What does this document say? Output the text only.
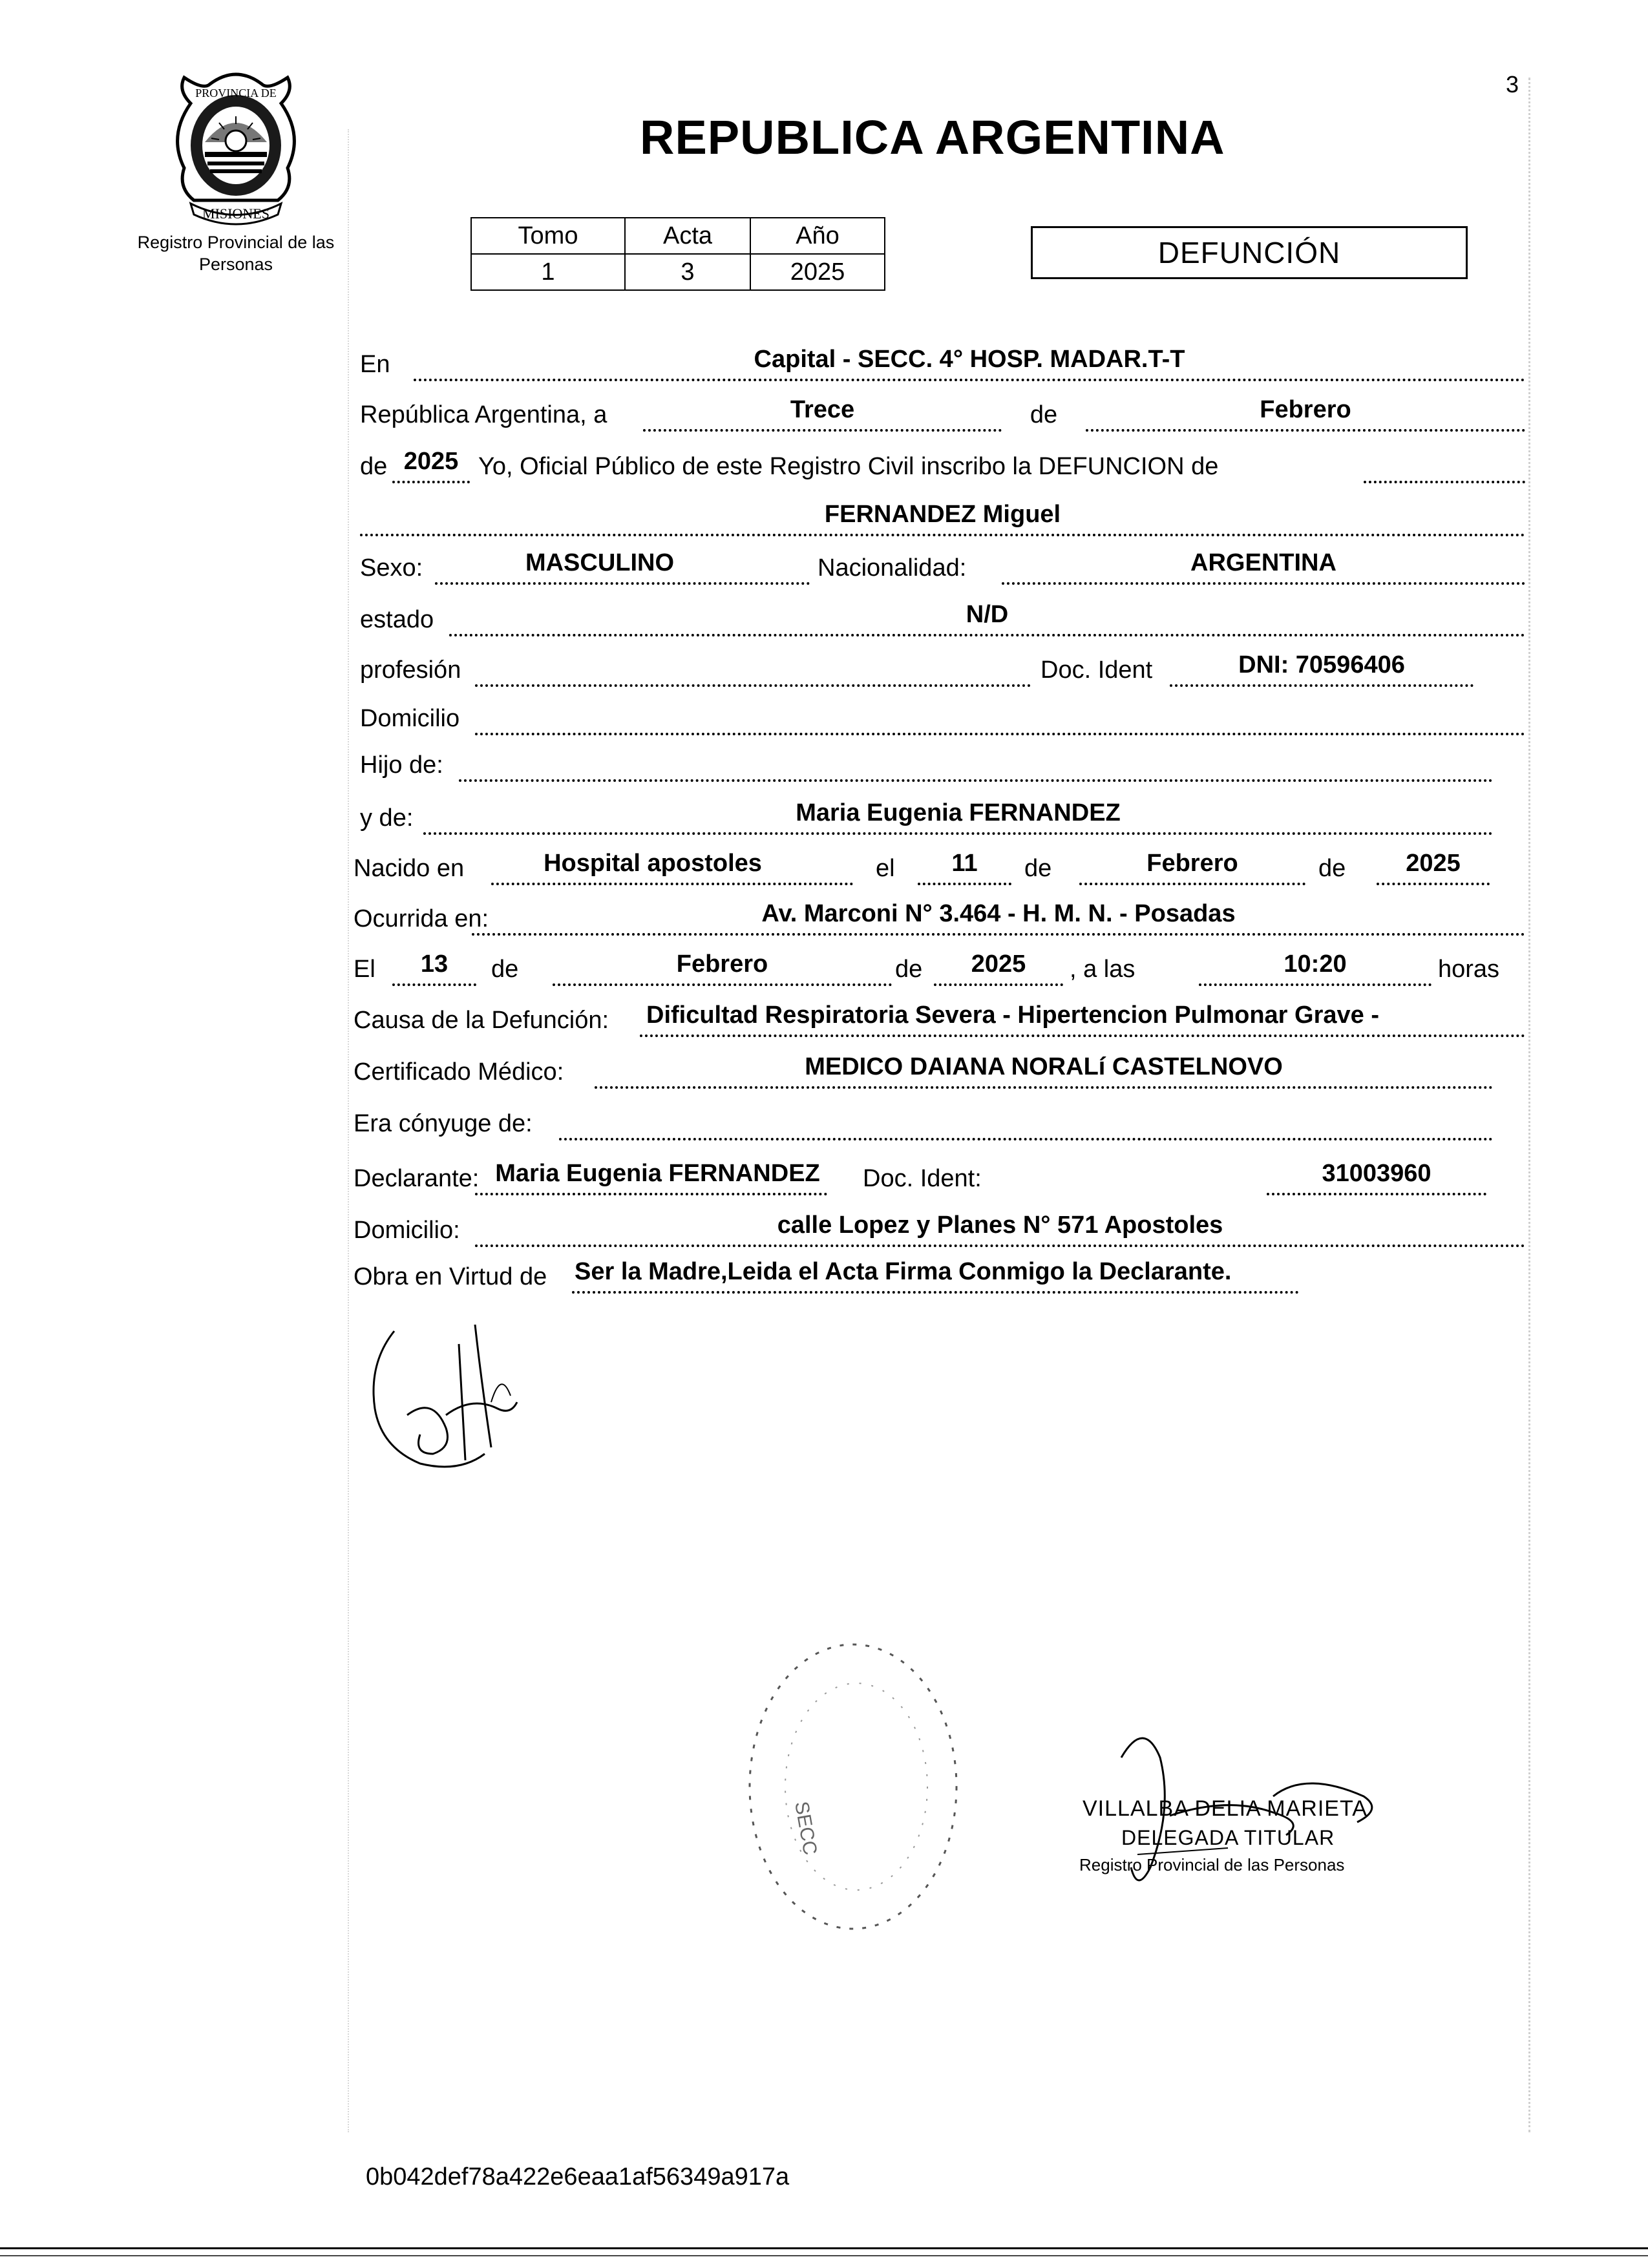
3
MISIONES
PROVINCIA DE
Registro Provincial de las Personas
REPUBLICA ARGENTINA
Tomo	Acta	Año
1	3	2025
DEFUNCIÓN
En	Capital - SECC. 4° HOSP. MADAR.T-T
República Argentina, a	Trece	de	Febrero
de 2025 Yo, Oficial Público de este Registro Civil inscribo la DEFUNCION de
FERNANDEZ Miguel
Sexo:	MASCULINO	Nacionalidad:	ARGENTINA
estado	N/D
profesión	Doc. Ident	DNI: 70596406
Domicilio
Hijo de:
y de:	Maria Eugenia FERNANDEZ
Nacido en	Hospital apostoles	el	11	de	Febrero	de	2025
Ocurrida en:	Av. Marconi N° 3.464 - H. M. N. - Posadas
El	13	de	Febrero	de	2025	, a las	10:20	horas
Causa de la Defunción: Dificultad Respiratoria Severa - Hipertencion Pulmonar Grave -
Certificado Médico:	MEDICO DAIANA NORALí CASTELNOVO
Era cónyuge de:
Declarante: Maria Eugenia FERNANDEZ Doc. Ident:	31003960
Domicilio:	calle Lopez y Planes N° 571 Apostoles
Obra en Virtud de Ser la Madre,Leida el Acta Firma Conmigo la Declarante.
SECC	VILLALBA DELIA MARIETA
DELEGADA TITULAR
Registro Provincial de las Personas
0b042def78a422e6eaa1af56349a917a
